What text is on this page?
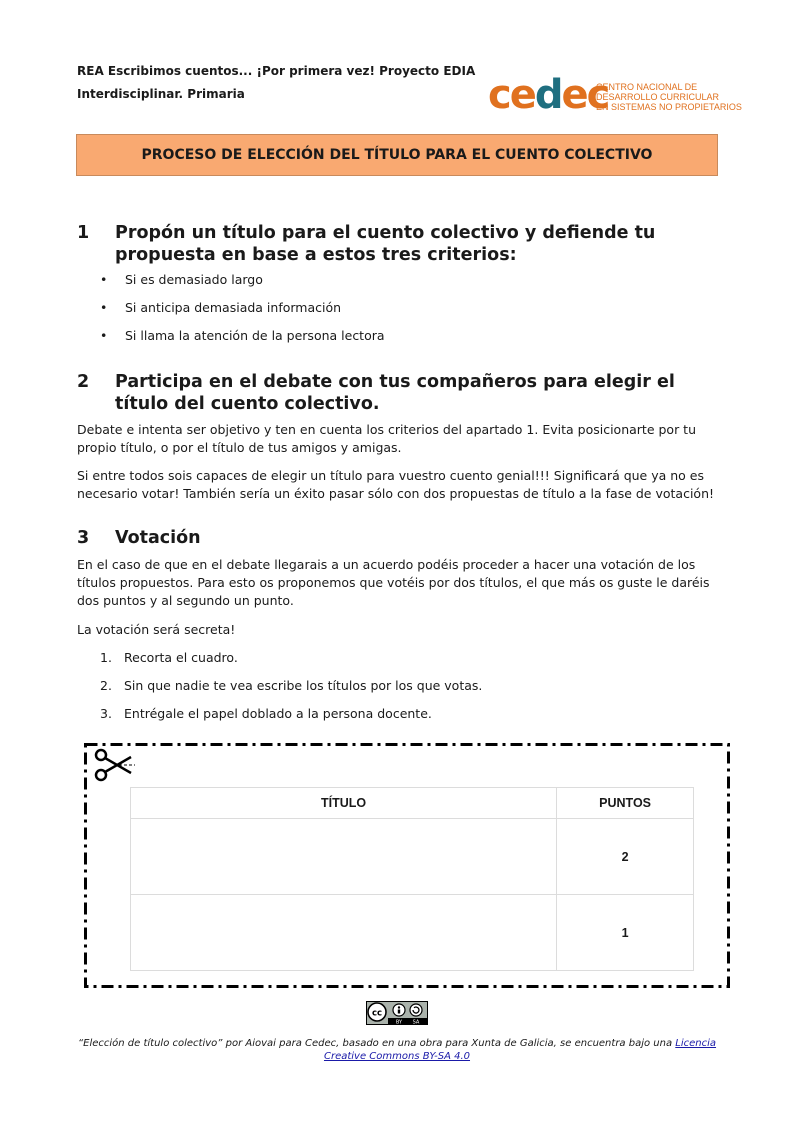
REA Escribimos cuentos... ¡Por primera vez! Proyecto EDIA
Interdisciplinar. Primaria	cedec
CENTRO NACIONAL DE
DESARROLLO CURRICULAR
EN SISTEMAS NO PROPIETARIOS
PROCESO DE ELECCIÓN DEL TÍTULO PARA EL CUENTO COLECTIVO
1 Propón un título para el cuento colectivo y defiende tu propuesta en base a estos tres criterios:
• Si es demasiado largo
• Si anticipa demasiada información
• Si llama la atención de la persona lectora
2 Participa en el debate con tus compañeros para elegir el título del cuento colectivo.

Debate e intenta ser objetivo y ten en cuenta los criterios del apartado 1. Evita posicionarte por tu propio título, o por el título de tus amigos y amigas.

Si entre todos sois capaces de elegir un título para vuestro cuento genial!!! Significará que ya no es necesario votar! También sería un éxito pasar sólo con dos propuestas de título a la fase de votación!

3 Votación

En el caso de que en el debate llegarais a un acuerdo podéis proceder a hacer una votación de los títulos propuestos. Para esto os proponemos que votéis por dos títulos, el que más os guste le daréis dos puntos y al segundo un punto.

La votación será secreta!

1. Recorta el cuadro.
2. Sin que nadie te vea escribe los títulos por los que votas.
3. Entrégale el papel doblado a la persona docente.
TÍTULO	PUNTOS
	2
	1
cc
BY SA
“Elección de título colectivo” por Aiovai para Cedec, basado en una obra para Xunta de Galicia, se encuentra bajo una Licencia Creative Commons BY-SA 4.0
